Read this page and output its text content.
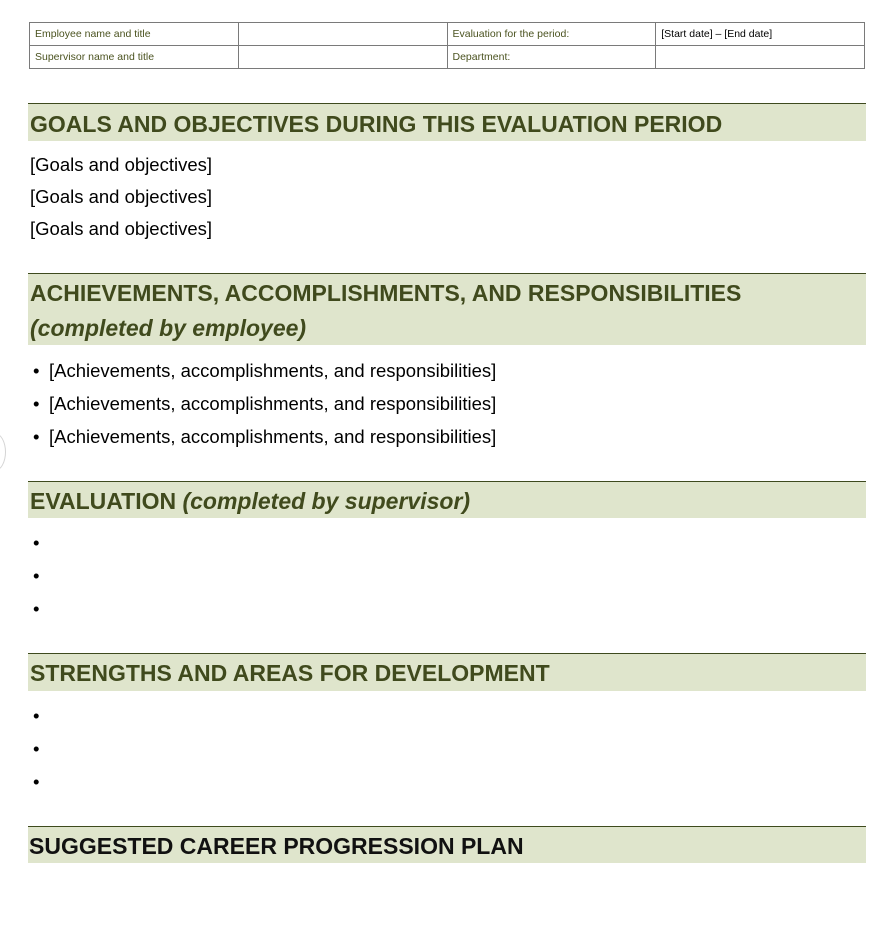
Employee name and title		Evaluation for the period:	[Start date] – [End date]
Supervisor name and title		Department:	
GOALS AND OBJECTIVES DURING THIS EVALUATION PERIOD
[Goals and objectives]
[Goals and objectives]
[Goals and objectives]
ACHIEVEMENTS, ACCOMPLISHMENTS, AND RESPONSIBILITIES
(completed by employee)
• [Achievements, accomplishments, and responsibilities]
• [Achievements, accomplishments, and responsibilities]
• [Achievements, accomplishments, and responsibilities]
EVALUATION (completed by supervisor)
•
•
•
STRENGTHS AND AREAS FOR DEVELOPMENT
•
•
•
SUGGESTED CAREER PROGRESSION PLAN
